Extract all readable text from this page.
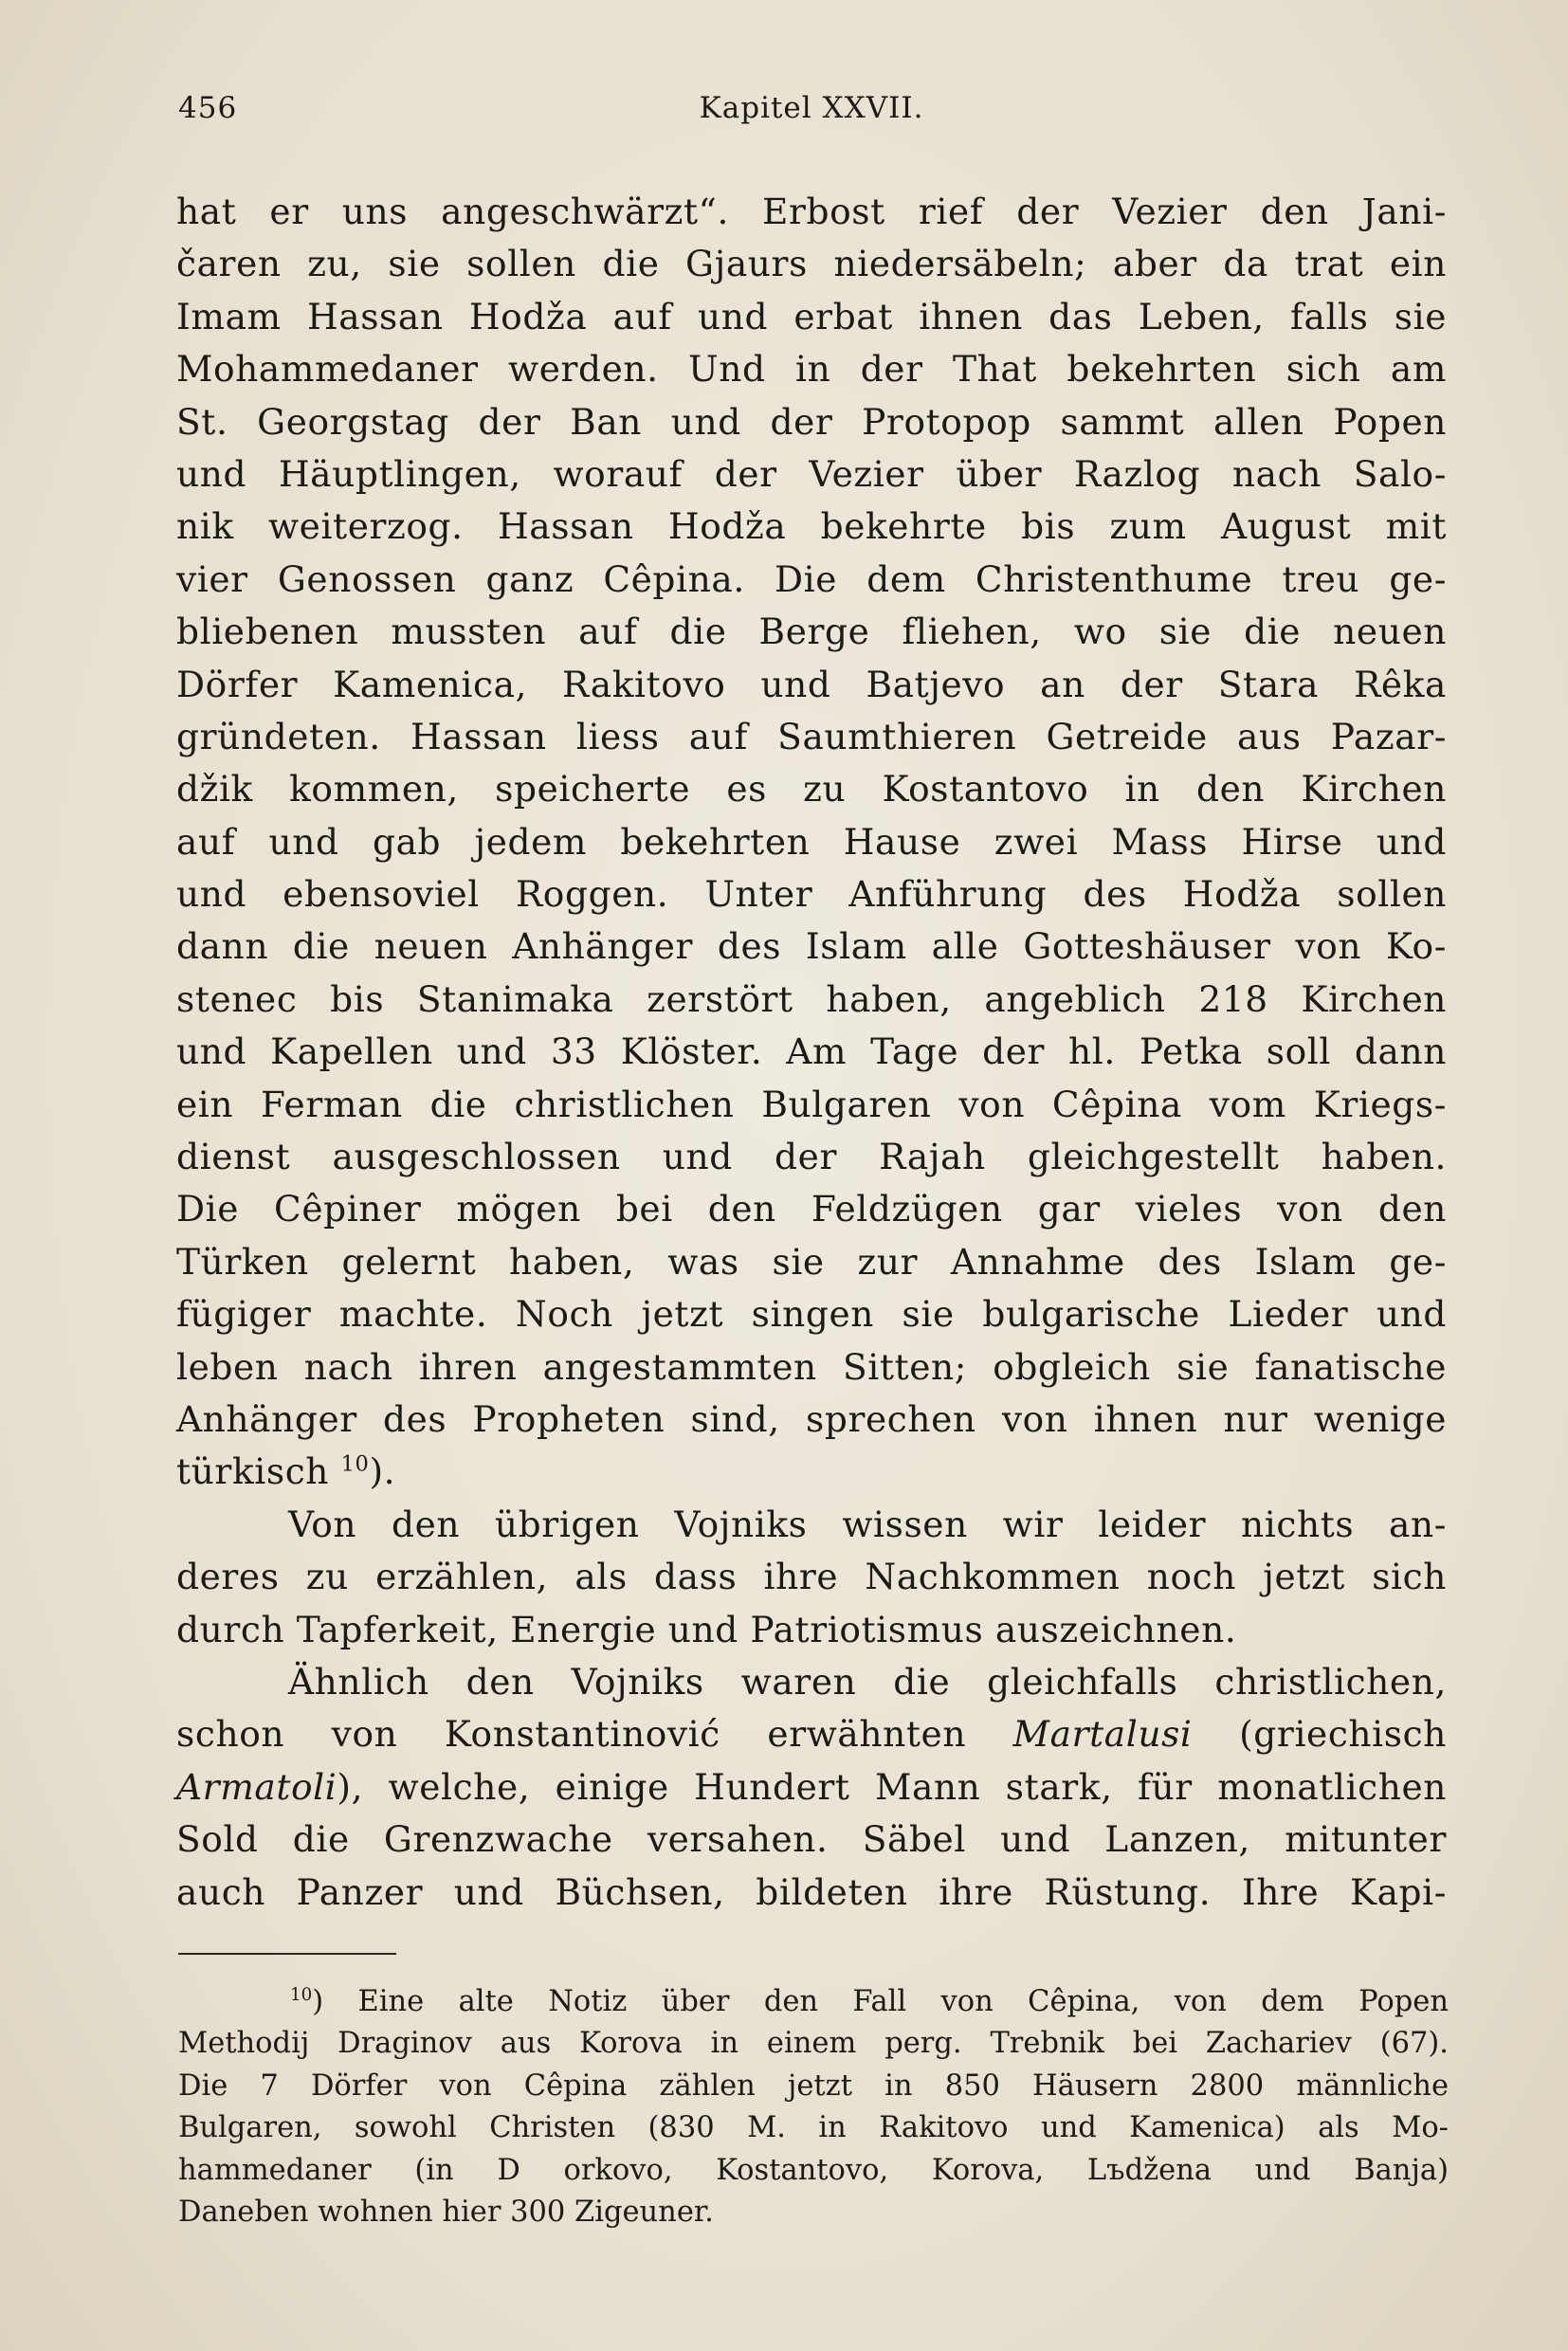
456	Kapitel XXVII.
hat er uns angeschwärzt“. Erbost rief der Vezier den Jani-
čaren zu, sie sollen die Gjaurs niedersäbeln; aber da trat ein
Imam Hassan Hodža auf und erbat ihnen das Leben, falls sie
Mohammedaner werden. Und in der That bekehrten sich am
St. Georgstag der Ban und der Protopop sammt allen Popen
und Häuptlingen, worauf der Vezier über Razlog nach Salo-
nik weiterzog. Hassan Hodža bekehrte bis zum August mit
vier Genossen ganz Cêpina. Die dem Christenthume treu ge-
bliebenen mussten auf die Berge fliehen, wo sie die neuen
Dörfer Kamenica, Rakitovo und Batjevo an der Stara Rêka
gründeten. Hassan liess auf Saumthieren Getreide aus Pazar-
džik kommen, speicherte es zu Kostantovo in den Kirchen
auf und gab jedem bekehrten Hause zwei Mass Hirse und
und ebensoviel Roggen. Unter Anführung des Hodža sollen
dann die neuen Anhänger des Islam alle Gotteshäuser von Ko-
stenec bis Stanimaka zerstört haben, angeblich 218 Kirchen
und Kapellen und 33 Klöster. Am Tage der hl. Petka soll dann
ein Ferman die christlichen Bulgaren von Cêpina vom Kriegs-
dienst ausgeschlossen und der Rajah gleichgestellt haben.
Die Cêpiner mögen bei den Feldzügen gar vieles von den
Türken gelernt haben, was sie zur Annahme des Islam ge-
fügiger machte. Noch jetzt singen sie bulgarische Lieder und
leben nach ihren angestammten Sitten; obgleich sie fanatische
Anhänger des Propheten sind, sprechen von ihnen nur wenige
türkisch $^{10}$).
Von den übrigen Vojniks wissen wir leider nichts an-
deres zu erzählen, als dass ihre Nachkommen noch jetzt sich
durch Tapferkeit, Energie und Patriotismus auszeichnen.
Ähnlich den Vojniks waren die gleichfalls christlichen,
schon von Konstantinović erwähnten Martalusi (griechisch
Armatoli), welche, einige Hundert Mann stark, für monatlichen
Sold die Grenzwache versahen. Säbel und Lanzen, mitunter
auch Panzer und Büchsen, bildeten ihre Rüstung. Ihre Kapi-
$^{10}$) Eine alte Notiz über den Fall von Cêpina, von dem Popen
Methodij Draginov aus Korova in einem perg. Trebnik bei Zachariev (67).
Die 7 Dörfer von Cêpina zählen jetzt in 850 Häusern 2800 männliche
Bulgaren, sowohl Christen (830 M. in Rakitovo und Kamenica) als Mo-
hammedaner (in D orkovo, Kostantovo, Korova, Lъdžena und Banja)
Daneben wohnen hier 300 Zigeuner.
